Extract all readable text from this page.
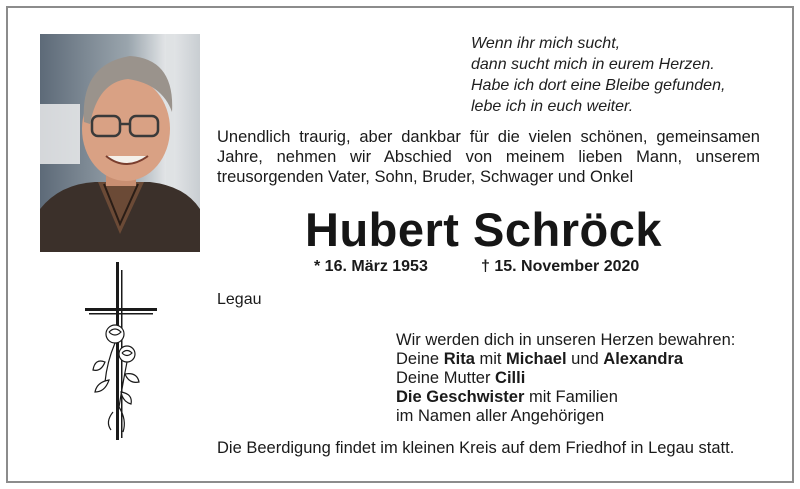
Wenn ihr mich sucht,
dann sucht mich in eurem Herzen.
Habe ich dort eine Bleibe gefunden,
lebe ich in euch weiter.
Unendlich traurig, aber dankbar für die vielen schönen, gemeinsamen
Jahre, nehmen wir Abschied von meinem lieben Mann, unserem
treusorgenden Vater, Sohn, Bruder, Schwager und Onkel
Hubert Schröck
* 16. März 1953	† 15. November 2020
Legau
Wir werden dich in unseren Herzen bewahren:
Deine Rita mit Michael und Alexandra
Deine Mutter Cilli
Die Geschwister mit Familien
im Namen aller Angehörigen
Die Beerdigung findet im kleinen Kreis auf dem Friedhof in Legau statt.
